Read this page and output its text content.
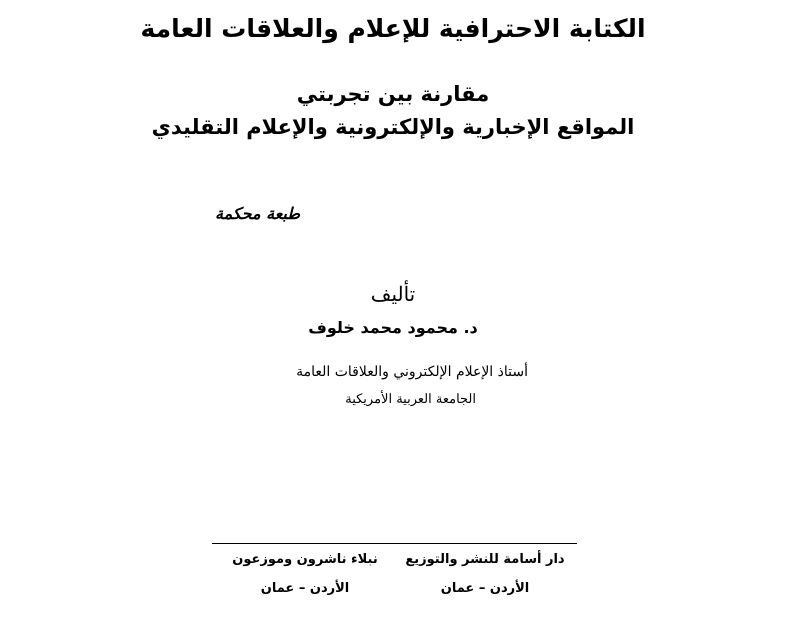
الكتابة الاحترافية للإعلام والعلاقات العامة
مقارنة بين تجربتي
المواقع الإخبارية والإلكترونية والإعلام التقليدي
طبعة محكمة
تأليف
د. محمود محمد خلوف
أستاذ الإعلام الإلكتروني والعلاقات العامة
الجامعة العربية الأمريكية
دار أسامة للنشر والتوزيع
الأردن – عمان
نبلاء ناشرون وموزعون
الأردن – عمان
